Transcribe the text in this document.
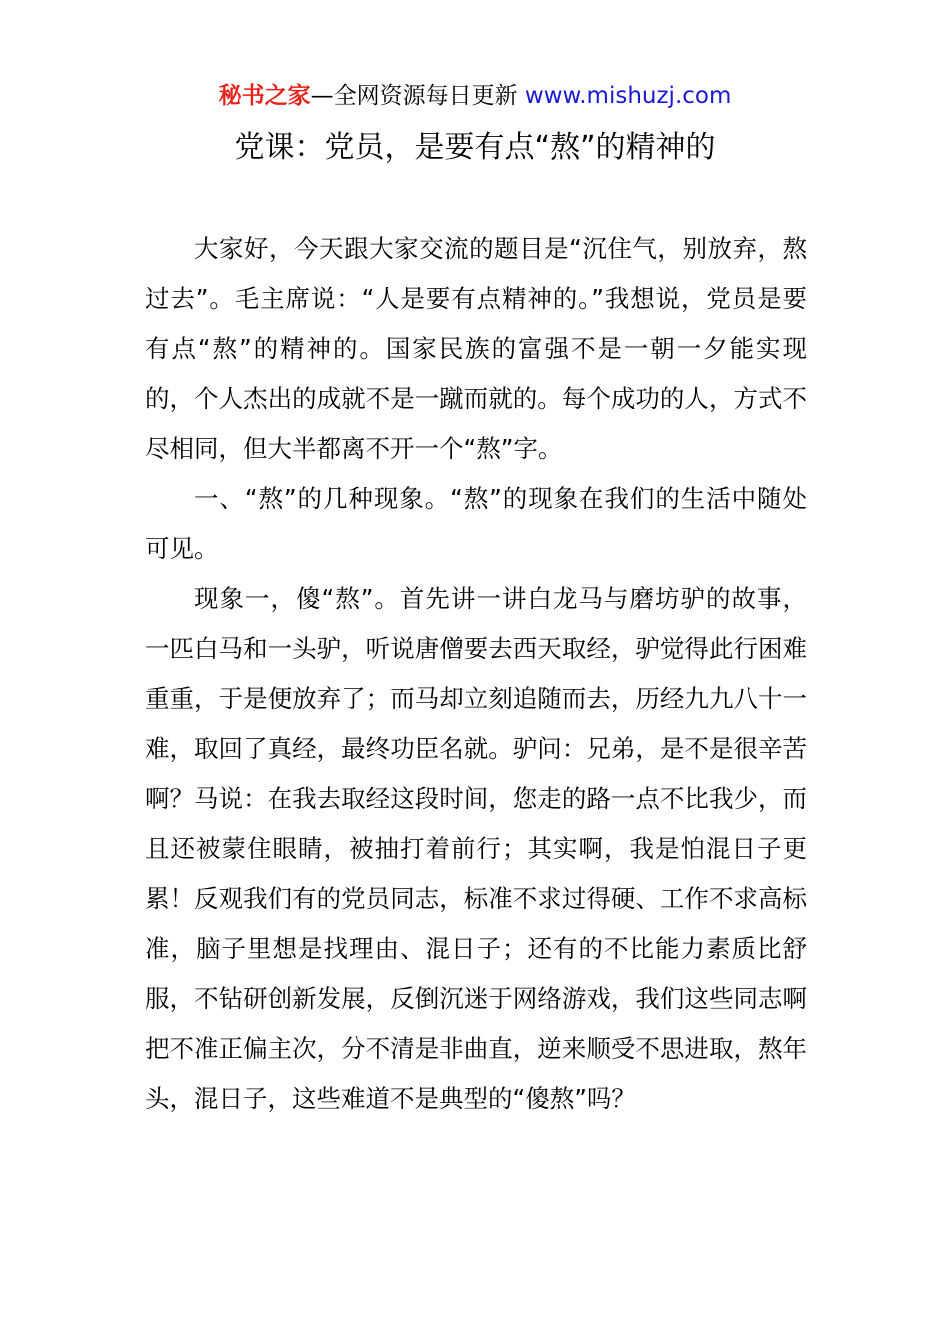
秘书之家—全网资源每日更新 www.mishuzj.com
党课：党员，是要有点“熬”的精神的

大家好，今天跟大家交流的题目是“沉住气，别放弃，熬过去”。毛主席说：“人是要有点精神的。”我想说，党员是要有点“熬”的精神的。国家民族的富强不是一朝一夕能实现的，个人杰出的成就不是一蹴而就的。每个成功的人，方式不尽相同，但大半都离不开一个“熬”字。

一、“熬”的几种现象。“熬”的现象在我们的生活中随处可见。

现象一，傻“熬”。首先讲一讲白龙马与磨坊驴的故事，一匹白马和一头驴，听说唐僧要去西天取经，驴觉得此行困难重重，于是便放弃了；而马却立刻追随而去，历经九九八十一难，取回了真经，最终功臣名就。驴问：兄弟，是不是很辛苦啊？马说：在我去取经这段时间，您走的路一点不比我少，而且还被蒙住眼睛，被抽打着前行；其实啊，我是怕混日子更累！反观我们有的党员同志，标准不求过得硬、工作不求高标准，脑子里想是找理由、混日子；还有的不比能力素质比舒服，不钻研创新发展，反倒沉迷于网络游戏，我们这些同志啊把不准正偏主次，分不清是非曲直，逆来顺受不思进取，熬年头，混日子，这些难道不是典型的“傻熬”吗？
